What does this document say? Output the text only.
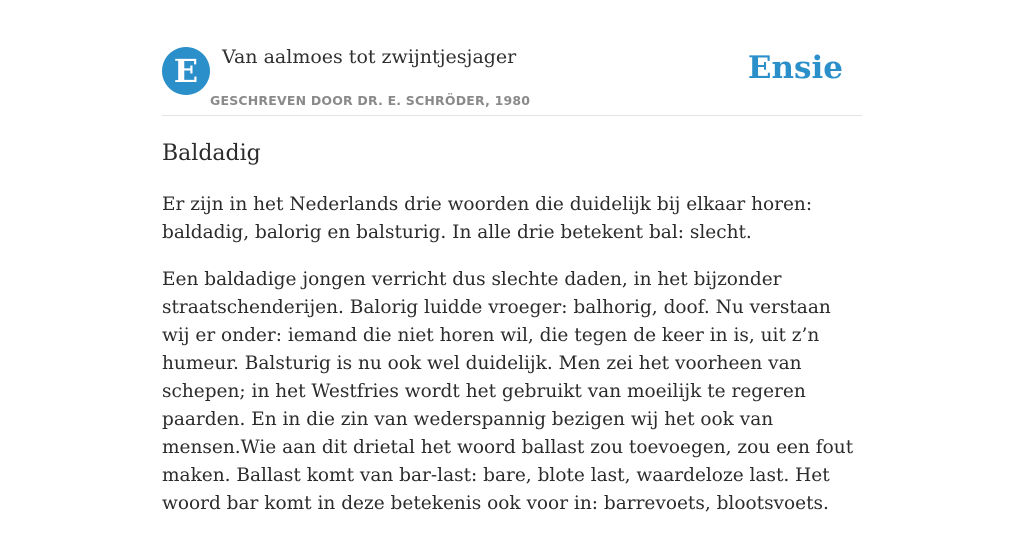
E	Van aalmoes tot zwijntjesjager
GESCHREVEN DOOR DR. E. SCHRÖDER, 1980
Ensie
Baldadig

Er zijn in het Nederlands drie woorden die duidelijk bij elkaar horen: baldadig, balorig en balsturig. In alle drie betekent bal: slecht.

Een baldadige jongen verricht dus slechte daden, in het bijzonder straatschenderijen. Balorig luidde vroeger: balhorig, doof. Nu verstaan wij er onder: iemand die niet horen wil, die tegen de keer in is, uit z’n humeur. Balsturig is nu ook wel duidelijk. Men zei het voorheen van schepen; in het Westfries wordt het gebruikt van moeilijk te regeren paarden. En in die zin van wederspannig bezigen wij het ook van mensen.Wie aan dit drietal het woord ballast zou toevoegen, zou een fout maken. Ballast komt van bar-last: bare, blote last, waardeloze last. Het woord bar komt in deze betekenis ook voor in: barrevoets, blootsvoets.
